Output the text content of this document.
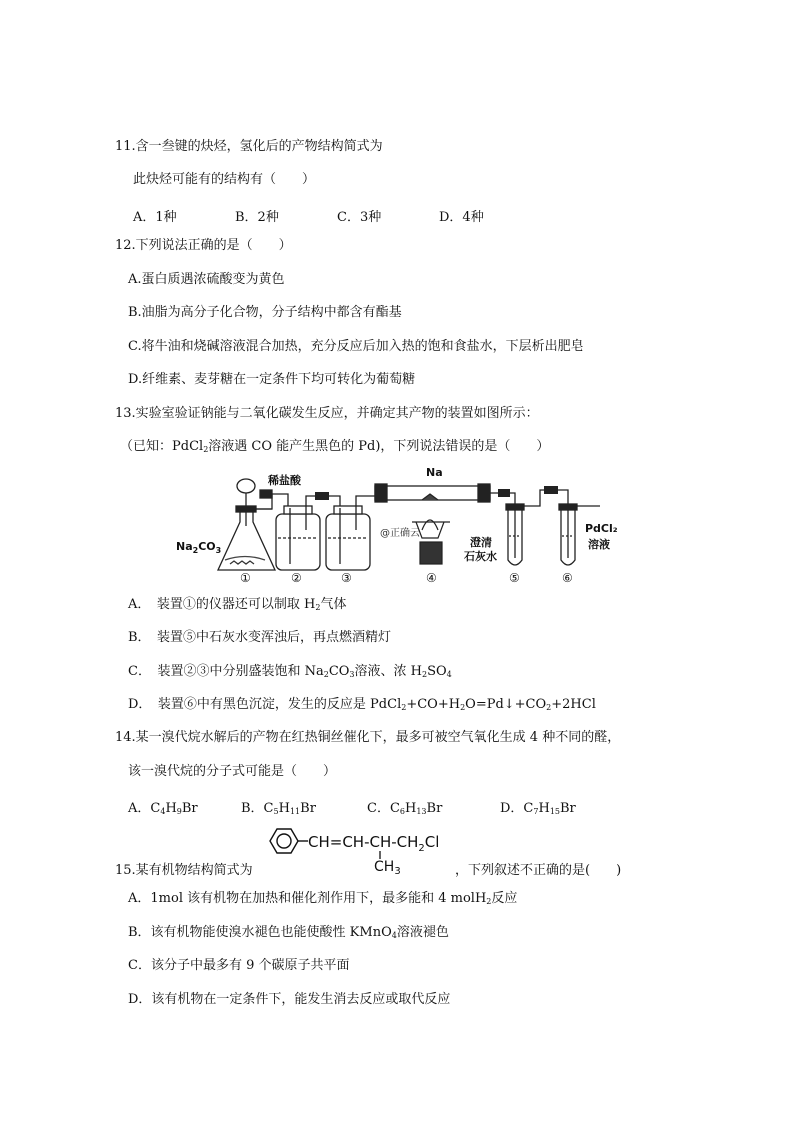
11.含一叁键的炔烃，氢化后的产物结构简式为
此炔烃可能有的结构有（　　）
A．1种	B．2种	C．3种	D．4种
12.下列说法正确的是（　　）
A.蛋白质遇浓硫酸变为黄色
B.油脂为高分子化合物，分子结构中都含有酯基
C.将牛油和烧碱溶液混合加热，充分反应后加入热的饱和食盐水，下层析出肥皂
D.纤维素、麦芽糖在一定条件下均可转化为葡萄糖
13.实验室验证钠能与二氧化碳发生反应，并确定其产物的装置如图所示：
（已知：PdCl$_2$溶液遇 CO 能产生黑色的 Pd)，下列说法错误的是（　　）
稀盐酸
$Na_2CO_3$
Na
@正确云
澄清
石灰水
PdCl₂
溶液
①	②	③	④	⑤	⑥
A．　装置①的仪器还可以制取 $H_2$气体
B．　装置⑤中石灰水变浑浊后，再点燃酒精灯
C．　装置②③中分别盛装饱和 $Na_2CO_3$溶液、浓 $H_2SO_4$
D．　装置⑥中有黑色沉淀，发生的反应是 $PdCl_2+CO+H_2O=Pd↓+CO_2+2HCl$
14.某一溴代烷水解后的产物在红热铜丝催化下，最多可被空气氧化生成 4 种不同的醛，
该一溴代烷的分子式可能是（　　）
A．$C_4H_9Br$	B．$C_5H_{11}Br$	C．$C_6H_{13}Br$	D．$C_7H_{15}Br$
$CH=CH-CH-CH_2Cl$
$CH_3$
15.某有机物结构简式为	，下列叙述不正确的是(　　)
A．1mol 该有机物在加热和催化剂作用下，最多能和 4 molH$_2$反应
B．该有机物能使溴水褪色也能使酸性 KMnO$_4$溶液褪色
C．该分子中最多有 9 个碳原子共平面
D．该有机物在一定条件下，能发生消去反应或取代反应
